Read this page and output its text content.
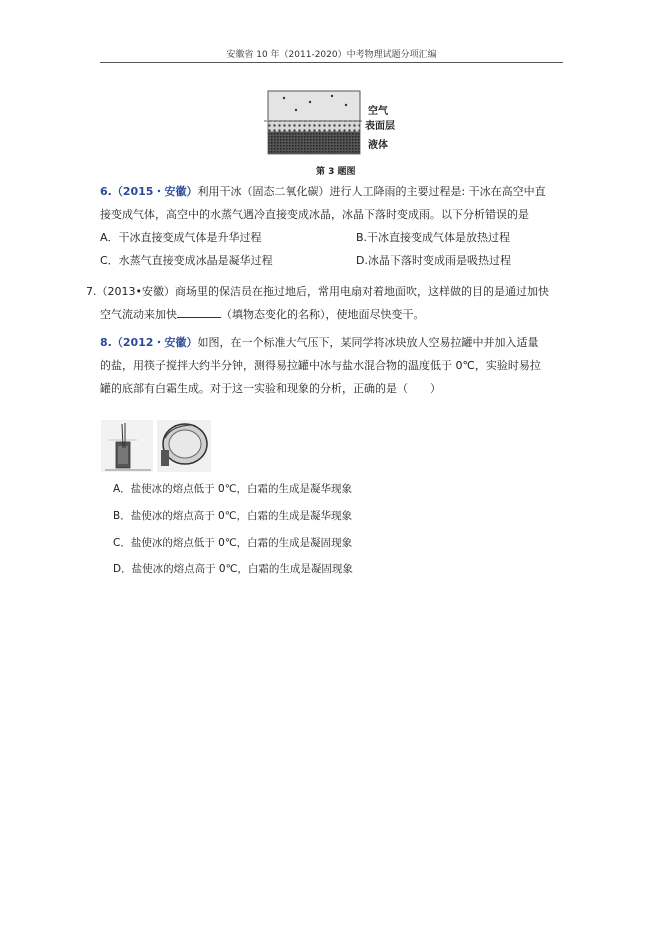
安徽省 10 年（2011-2020）中考物理试题分项汇编
空气
表面层
液体
第 3 题图
6.（2015・安徽）利用干冰（固态二氧化碳）进行人工降雨的主要过程是: 干冰在高空中直
接变成气体，高空中的水蒸气遇冷直接变成冰晶，冰晶下落时变成雨。以下分析错误的是
A．干冰直接变成气体是升华过程	B.干冰直接变成气体是放热过程
C．水蒸气直接变成冰晶是凝华过程	D.冰晶下落时变成雨是吸热过程
7.（2013•安徽）商场里的保洁员在拖过地后，常用电扇对着地面吹，这样做的目的是通过加快
空气流动来加快	（填物态变化的名称），使地面尽快变干。
8.（2012・安徽）如图，在一个标准大气压下，某同学将冰块放人空易拉罐中并加入适量
的盐，用筷子搅拌大约半分钟，测得易拉罐中冰与盐水混合物的温度低于 0℃，实验时易拉
罐的底部有白霜生成。对于这一实验和现象的分析，正确的是（　　）
A．盐使冰的熔点低于 0℃，白霜的生成是凝华现象
B．盐使冰的熔点高于 0℃，白霜的生成是凝华现象
C．盐使冰的熔点低于 0℃，白霜的生成是凝固现象
D．盐使冰的熔点高于 0℃，白霜的生成是凝固现象
